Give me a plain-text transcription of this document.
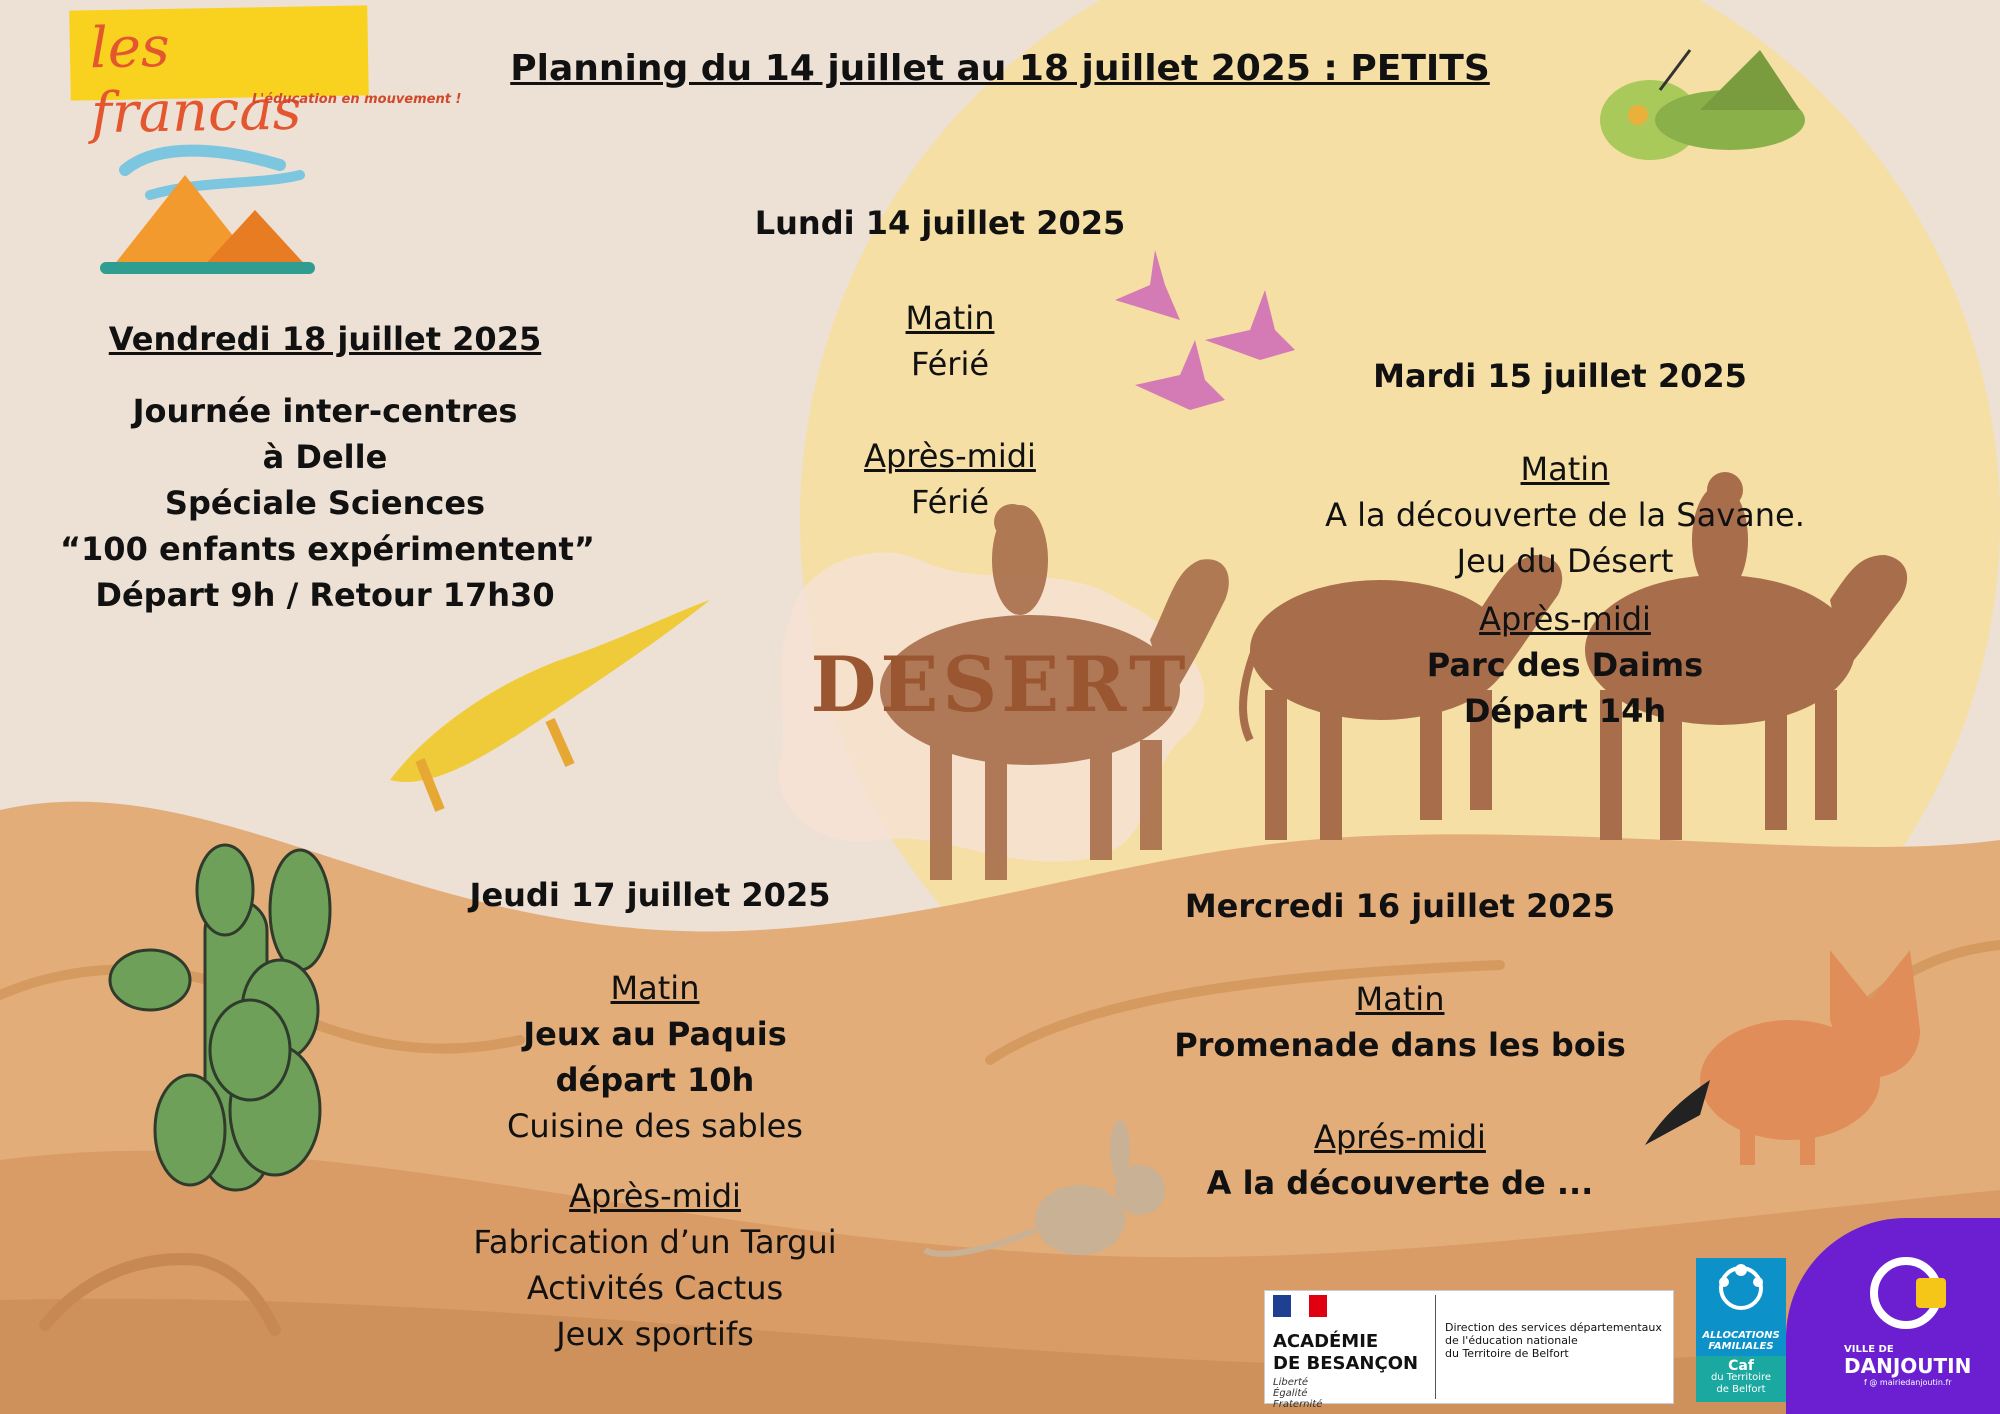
les francas
L'éducation en mouvement !
Planning du 14 juillet au 18 juillet 2025 : PETITS
DESERT
Lundi 14 juillet 2025
Matin
Férié
Après-midi
Férié
Mardi 15 juillet 2025
Matin
A la découverte de la Savane.
Jeu du Désert
Après-midi
Parc des Daims
Départ 14h
Vendredi 18 juillet 2025
Journée inter-centres
à Delle
Spéciale Sciences
“100 enfants expérimentent”
Départ 9h / Retour 17h30
Jeudi 17 juillet 2025
Matin
Jeux au Paquis
départ 10h
Cuisine des sables
Après-midi
Fabrication d’un Targui
Activités Cactus
Jeux sportifs
Mercredi 16 juillet 2025
Matin
Promenade dans les bois
Aprés-midi
A la découverte de ...
ACADÉMIE
DE BESANÇON
Liberté
Égalité
Fraternité
Direction des services départementaux
de l'éducation nationale
du Territoire de Belfort
ALLOCATIONS
FAMILIALES
Caf
du Territoire
de Belfort
VILLE DE
DANJOUTIN
f @ mairiedanjoutin.fr
